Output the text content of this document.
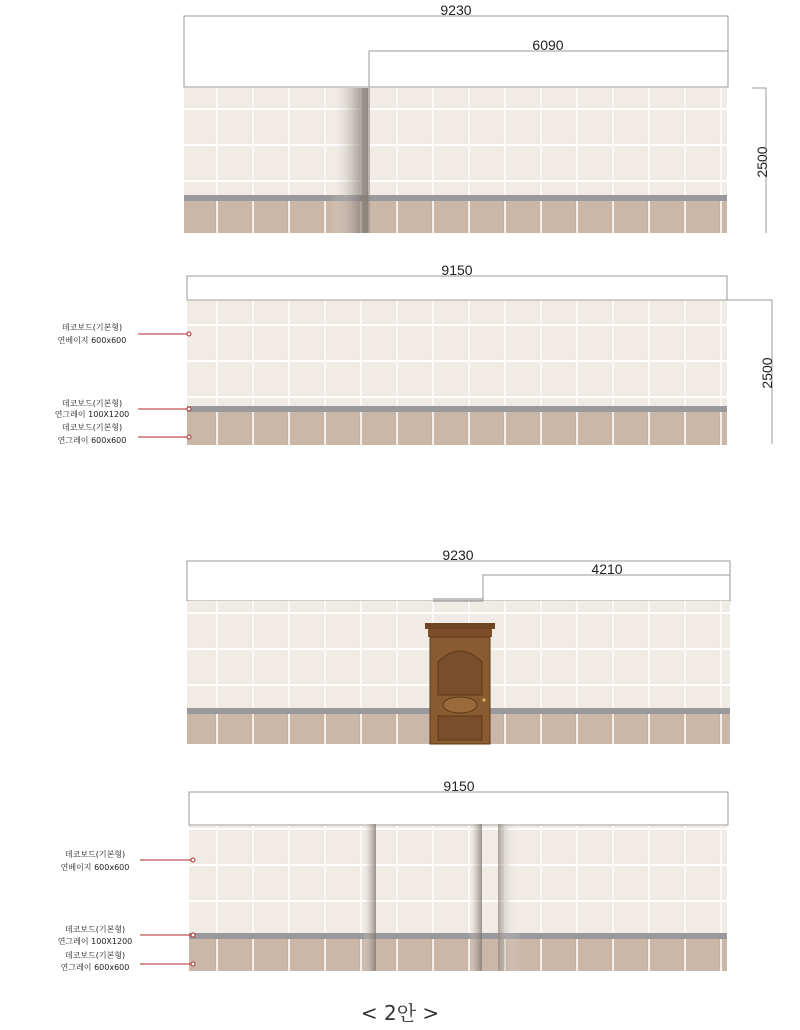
9230
6090
2500
9150
2500
데코보드(기본형)
연베이지 600x600
데코보드(기본형)
연그레이 100X1200
데코보드(기본형)
연그레이 600x600
9230
4210
9150
데코보드(기본형)
연베이지 600x600
데코보드(기본형)
연그레이 100X1200
데코보드(기본형)
연그레이 600x600
< 2안 >
